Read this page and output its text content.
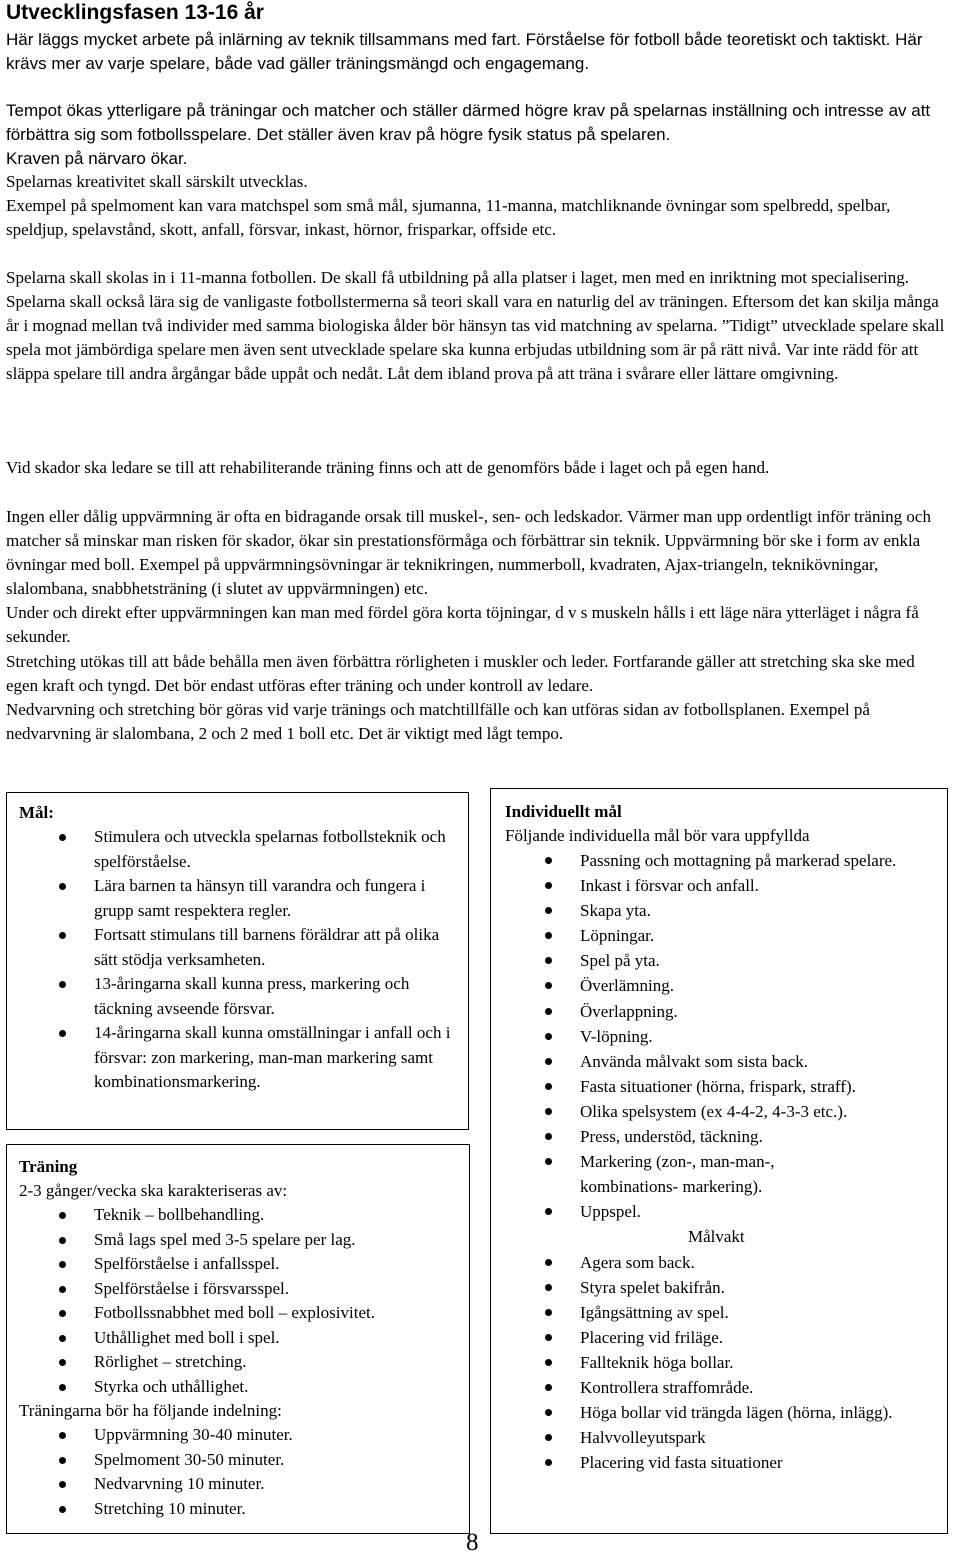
Utvecklingsfasen 13-16 år

Här läggs mycket arbete på inlärning av teknik tillsammans med fart. Förståelse för fotboll både teoretiskt och taktiskt. Här krävs mer av varje spelare, både vad gäller träningsmängd och engagemang.

Tempot ökas ytterligare på träningar och matcher och ställer därmed högre krav på spelarnas inställning och intresse av att förbättra sig som fotbollsspelare. Det ställer även krav på högre fysik status på spelaren.

Kraven på närvaro ökar.

Spelarnas kreativitet skall särskilt utvecklas.

Exempel på spelmoment kan vara matchspel som små mål, sjumanna, 11-manna, matchliknande övningar som spelbredd, spelbar, speldjup, spelavstånd, skott, anfall, försvar, inkast, hörnor, frisparkar, offside etc.

Spelarna skall skolas in i 11-manna fotbollen. De skall få utbildning på alla platser i laget, men med en inriktning mot specialisering. Spelarna skall också lära sig de vanligaste fotbollstermerna så teori skall vara en naturlig del av träningen. Eftersom det kan skilja många år i mognad mellan två individer med samma biologiska ålder bör hänsyn tas vid matchning av spelarna. ”Tidigt” utvecklade spelare skall spela mot jämbördiga spelare men även sent utvecklade spelare ska kunna erbjudas utbildning som är på rätt nivå. Var inte rädd för att släppa spelare till andra årgångar både uppåt och nedåt. Låt dem ibland prova på att träna i svårare eller lättare omgivning.

Vid skador ska ledare se till att rehabiliterande träning finns och att de genomförs både i laget och på egen hand.

Ingen eller dålig uppvärmning är ofta en bidragande orsak till muskel-, sen- och ledskador. Värmer man upp ordentligt inför träning och matcher så minskar man risken för skador, ökar sin prestationsförmåga och förbättrar sin teknik. Uppvärmning bör ske i form av enkla övningar med boll. Exempel på uppvärmningsövningar är teknikringen, nummerboll, kvadraten, Ajax-triangeln, teknikövningar, slalombana, snabbhetsträning (i slutet av uppvärmningen) etc.

Under och direkt efter uppvärmningen kan man med fördel göra korta töjningar, d v s muskeln hålls i ett läge nära ytterläget i några få sekunder.

Stretching utökas till att både behålla men även förbättra rörligheten i muskler och leder. Fortfarande gäller att stretching ska ske med egen kraft och tyngd. Det bör endast utföras efter träning och under kontroll av ledare.

Nedvarvning och stretching bör göras vid varje tränings och matchtillfälle och kan utföras sidan av fotbollsplanen. Exempel på nedvarvning är slalombana, 2 och 2 med 1 boll etc. Det är viktigt med lågt tempo.

Mål:

Stimulera och utveckla spelarnas fotbollsteknik och spelförståelse.
Lära barnen ta hänsyn till varandra och fungera i grupp samt respektera regler.
Fortsatt stimulans till barnens föräldrar att på olika sätt stödja verksamheten.
13-åringarna skall kunna press, markering och täckning avseende försvar.
14-åringarna skall kunna omställningar i anfall och i försvar: zon markering, man-man markering samt kombinationsmarkering.

Träning

2-3 gånger/vecka ska karakteriseras av:

Teknik – bollbehandling.
Små lags spel med 3-5 spelare per lag.
Spelförståelse i anfallsspel.
Spelförståelse i försvarsspel.
Fotbollssnabbhet med boll – explosivitet.
Uthållighet med boll i spel.
Rörlighet – stretching.
Styrka och uthållighet.

Träningarna bör ha följande indelning:

Uppvärmning 30-40 minuter.
Spelmoment 30-50 minuter.
Nedvarvning 10 minuter.
Stretching 10 minuter.

Individuellt mål

Följande individuella mål bör vara uppfyllda

Passning och mottagning på markerad spelare.
Inkast i försvar och anfall.
Skapa yta.
Löpningar.
Spel på yta.
Överlämning.
Överlappning.
V-löpning.
Använda målvakt som sista back.
Fasta situationer (hörna, frispark, straff).
Olika spelsystem (ex 4-4-2, 4-3-3 etc.).
Press, understöd, täckning.
Markering (zon-, man-man-, kombinations- markering).
Uppspel.
Målvakt
Agera som back.
Styra spelet bakifrån.
Igångsättning av spel.
Placering vid friläge.
Fallteknik höga bollar.
Kontrollera straffområde.
Höga bollar vid trängda lägen (hörna, inlägg).
Halvvolleyutspark
Placering vid fasta situationer
8
